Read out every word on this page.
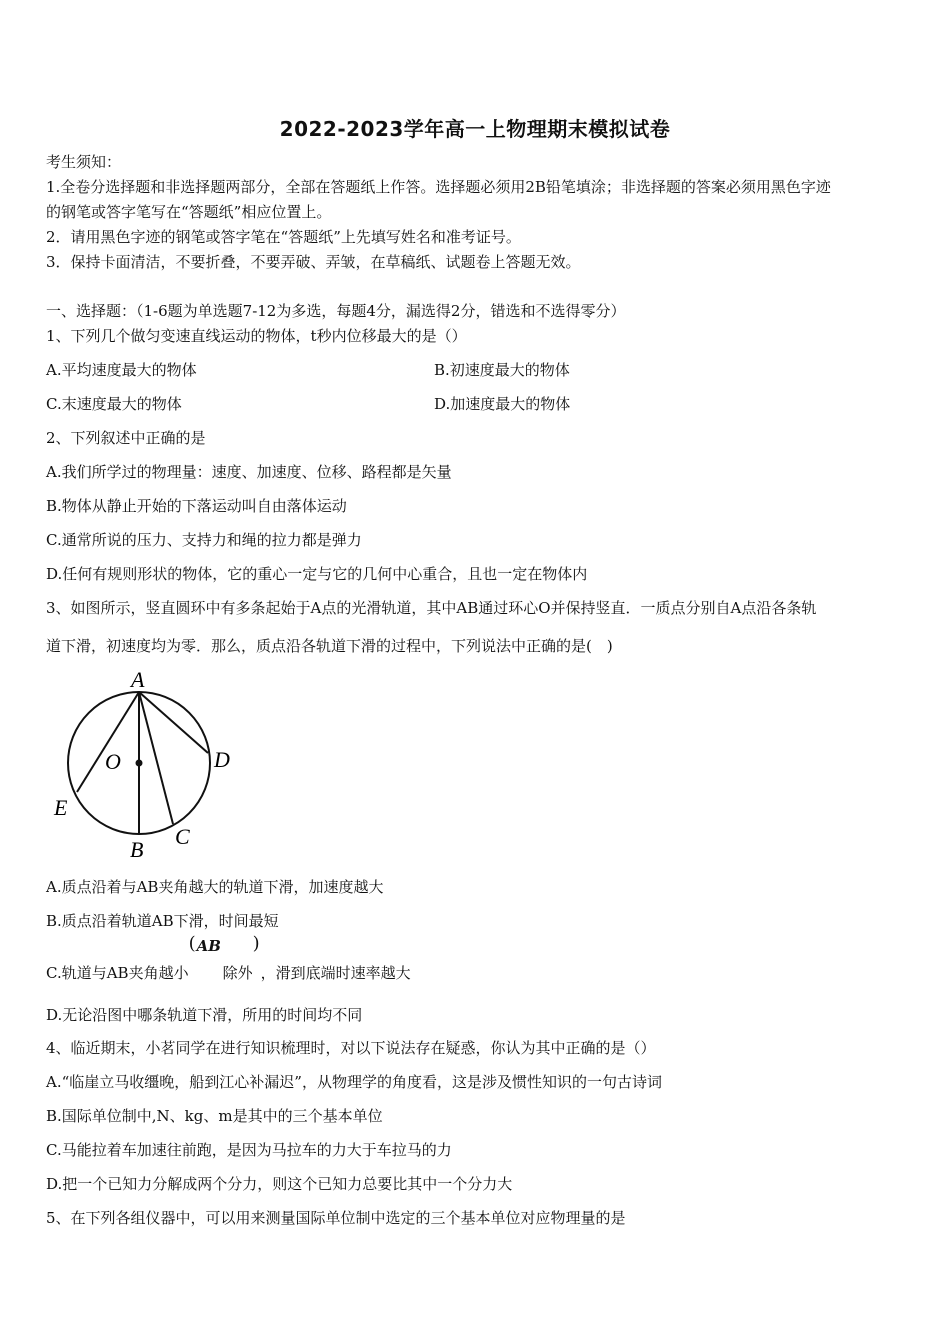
2022-2023学年高一上物理期末模拟试卷
考生须知：
1.全卷分选择题和非选择题两部分，全部在答题纸上作答。选择题必须用2B铅笔填涂；非选择题的答案必须用黑色字迹
的钢笔或答字笔写在“答题纸”相应位置上。
2．请用黑色字迹的钢笔或答字笔在“答题纸”上先填写姓名和准考证号。
3．保持卡面清洁，不要折叠，不要弄破、弄皱，在草稿纸、试题卷上答题无效。
一、选择题：（1-6题为单选题7-12为多选，每题4分，漏选得2分，错选和不选得零分）
1、下列几个做匀变速直线运动的物体，t秒内位移最大的是（）
A.平均速度最大的物体	B.初速度最大的物体
C.末速度最大的物体	D.加速度最大的物体
2、下列叙述中正确的是
A.我们所学过的物理量：速度、加速度、位移、路程都是矢量
B.物体从静止开始的下落运动叫自由落体运动
C.通常所说的压力、支持力和绳的拉力都是弹力
D.任何有规则形状的物体，它的重心一定与它的几何中心重合，且也一定在物体内
3、如图所示，竖直圆环中有多条起始于A点的光滑轨道，其中AB通过环心O并保持竖直．一质点分别自A点沿各条轨
道下滑，初速度均为零．那么，质点沿各轨道下滑的过程中，下列说法中正确的是(　)
A
B
C
D
E
O
A.质点沿着与AB夹角越大的轨道下滑，加速度越大
B.质点沿着轨道AB下滑，时间最短
C.轨道与AB夹角越小
( AB
除外
)
，滑到底端时速率越大
D.无论沿图中哪条轨道下滑，所用的时间均不同
4、临近期末，小茗同学在进行知识梳理时，对以下说法存在疑惑，你认为其中正确的是（）
A.“临崖立马收缰晚，船到江心补漏迟”，从物理学的角度看，这是涉及惯性知识的一句古诗词
B.国际单位制中,N、kg、m是其中的三个基本单位
C.马能拉着车加速往前跑，是因为马拉车的力大于车拉马的力
D.把一个已知力分解成两个分力，则这个已知力总要比其中一个分力大
5、在下列各组仪器中，可以用来测量国际单位制中选定的三个基本单位对应物理量的是
